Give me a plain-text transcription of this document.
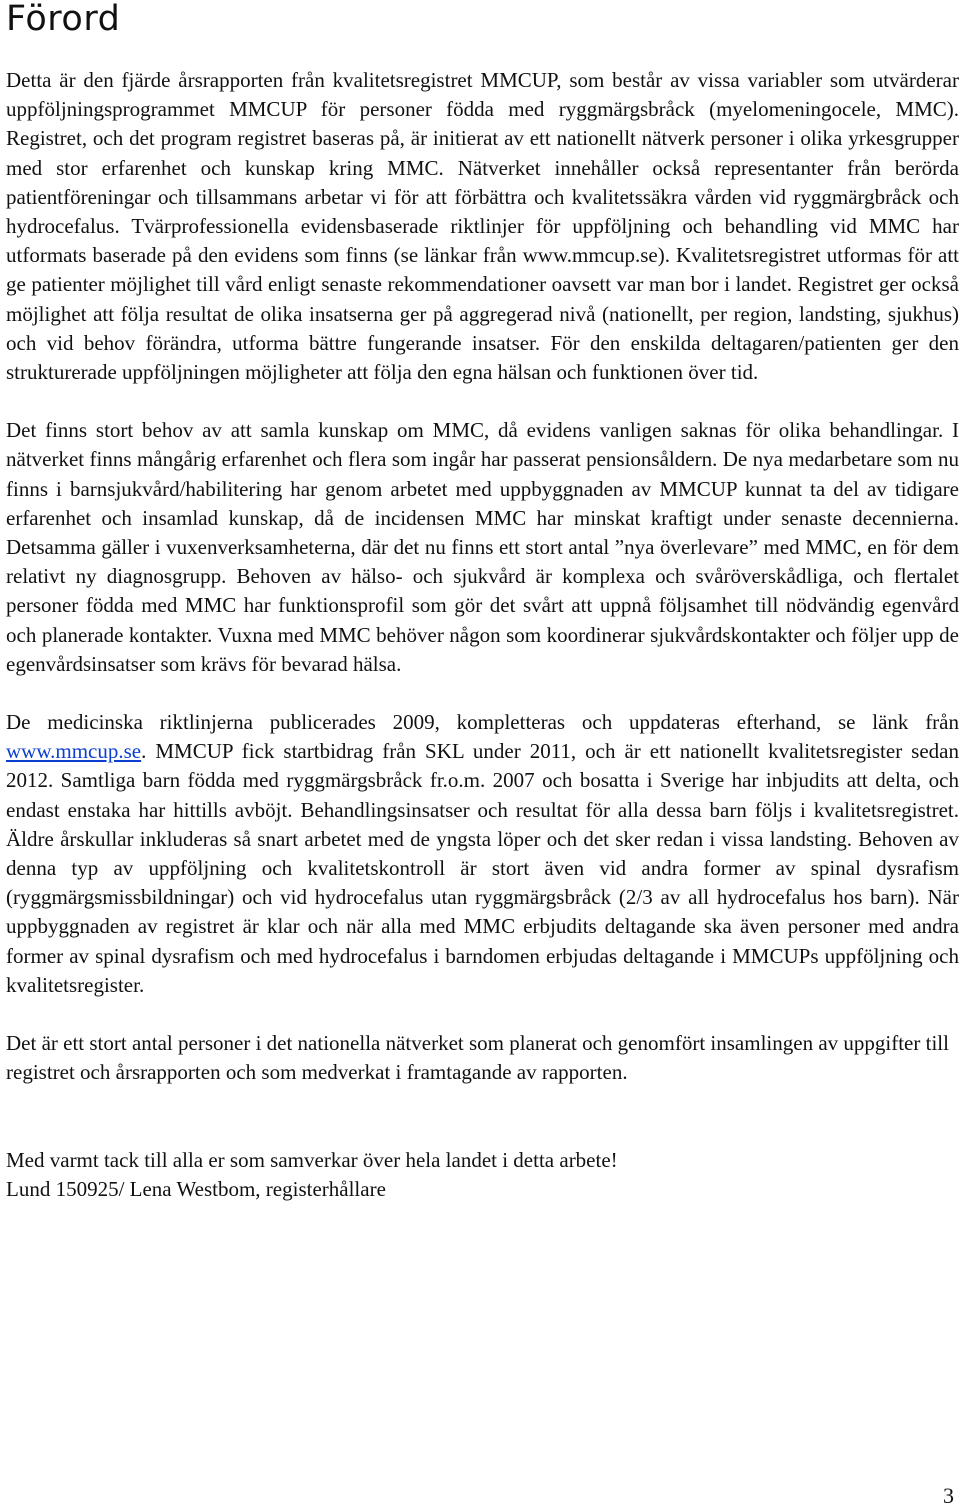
Förord

Detta är den fjärde årsrapporten från kvalitetsregistret MMCUP, som består av vissa variabler som utvärderar uppföljningsprogrammet MMCUP för personer födda med ryggmärgsbråck (myelomeningocele, MMC). Registret, och det program registret baseras på, är initierat av ett nationellt nätverk personer i olika yrkesgrupper med stor erfarenhet och kunskap kring MMC. Nätverket innehåller också representanter från berörda patientföreningar och tillsammans arbetar vi för att förbättra och kvalitetssäkra vården vid ryggmärgbråck och hydrocefalus. Tvärprofessionella evidensbaserade riktlinjer för uppföljning och behandling vid MMC har utformats baserade på den evidens som finns (se länkar från www.mmcup.se). Kvalitetsregistret utformas för att ge patienter möjlighet till vård enligt senaste rekommendationer oavsett var man bor i landet. Registret ger också möjlighet att följa resultat de olika insatserna ger på aggregerad nivå (nationellt, per region, landsting, sjukhus) och vid behov förändra, utforma bättre fungerande insatser. För den enskilda deltagaren/patienten ger den strukturerade uppföljningen möjligheter att följa den egna hälsan och funktionen över tid.

Det finns stort behov av att samla kunskap om MMC, då evidens vanligen saknas för olika behandlingar. I nätverket finns mångårig erfarenhet och flera som ingår har passerat pensionsåldern. De nya medarbetare som nu finns i barnsjukvård/habilitering har genom arbetet med uppbyggnaden av MMCUP kunnat ta del av tidigare erfarenhet och insamlad kunskap, då de incidensen MMC har minskat kraftigt under senaste decennierna. Detsamma gäller i vuxenverksamheterna, där det nu finns ett stort antal ”nya överlevare” med MMC, en för dem relativt ny diagnosgrupp. Behoven av hälso- och sjukvård är komplexa och svåröverskådliga, och flertalet personer födda med MMC har funktionsprofil som gör det svårt att uppnå följsamhet till nödvändig egenvård och planerade kontakter. Vuxna med MMC behöver någon som koordinerar sjukvårdskontakter och följer upp de egenvårdsinsatser som krävs för bevarad hälsa.

De medicinska riktlinjerna publicerades 2009, kompletteras och uppdateras efterhand, se länk från www.mmcup.se. MMCUP fick startbidrag från SKL under 2011, och är ett nationellt kvalitetsregister sedan 2012. Samtliga barn födda med ryggmärgsbråck fr.o.m. 2007 och bosatta i Sverige har inbjudits att delta, och endast enstaka har hittills avböjt. Behandlingsinsatser och resultat för alla dessa barn följs i kvalitetsregistret. Äldre årskullar inkluderas så snart arbetet med de yngsta löper och det sker redan i vissa landsting. Behoven av denna typ av uppföljning och kvalitetskontroll är stort även vid andra former av spinal dysrafism (ryggmärgsmissbildningar) och vid hydrocefalus utan ryggmärgsbråck (2/3 av all hydrocefalus hos barn). När uppbyggnaden av registret är klar och när alla med MMC erbjudits deltagande ska även personer med andra former av spinal dysrafism och med hydrocefalus i barndomen erbjudas deltagande i MMCUPs uppföljning och kvalitetsregister.

Det är ett stort antal personer i det nationella nätverket som planerat och genomfört insamlingen av uppgifter till registret och årsrapporten och som medverkat i framtagande av rapporten.

Med varmt tack till alla er som samverkar över hela landet i detta arbete!

Lund 150925/ Lena Westbom, registerhållare

3
